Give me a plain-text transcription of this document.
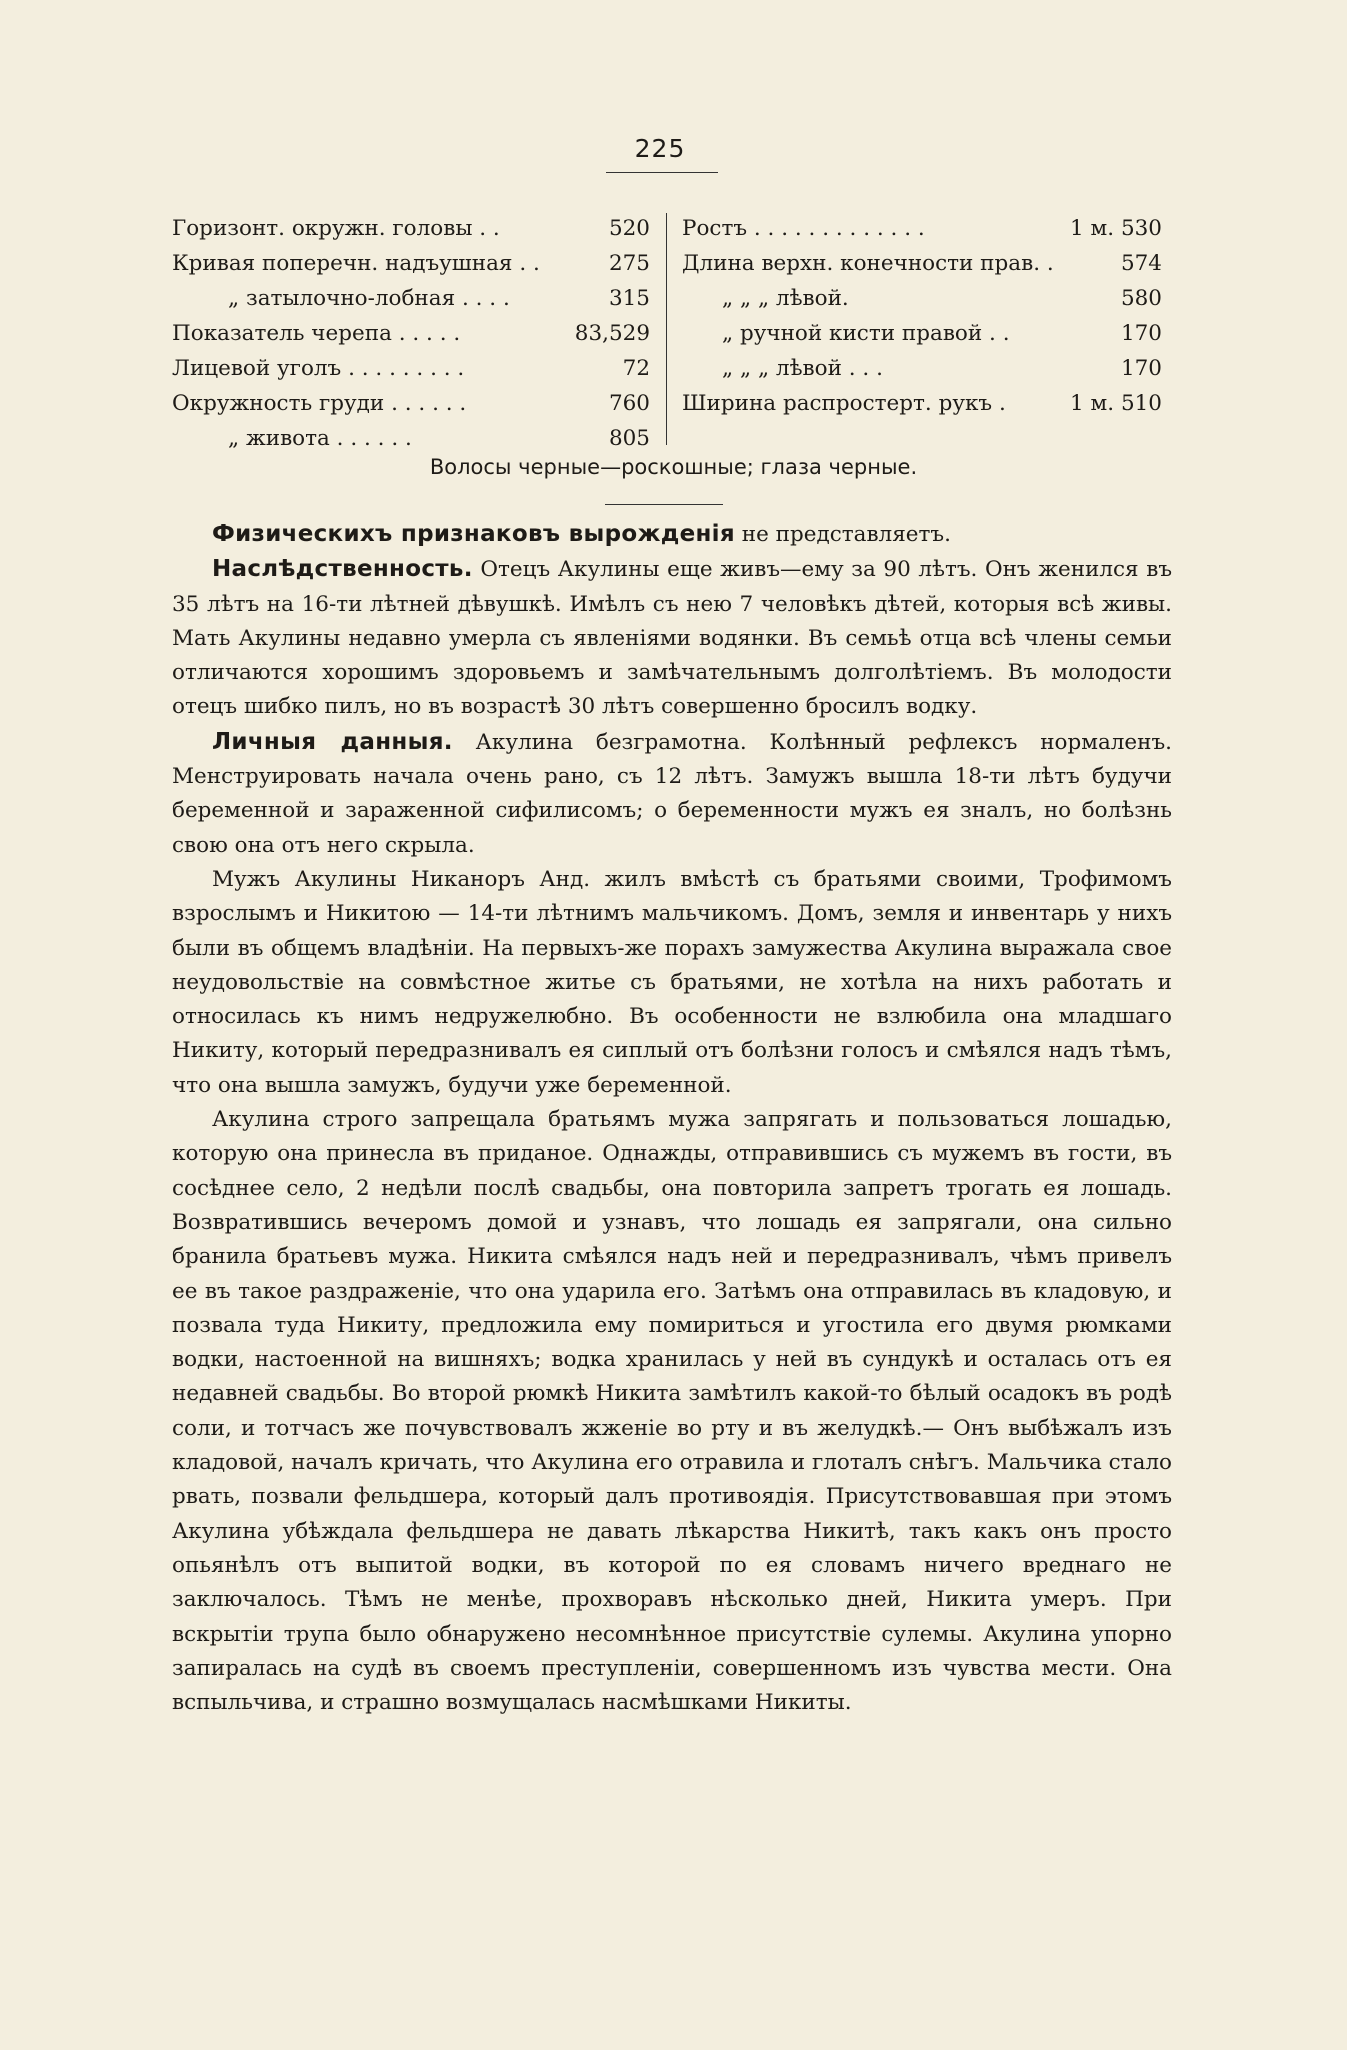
225
Горизонт. окружн. головы . .	520
Кривая поперечн. надъушная . .	275
„ затылочно-лобная . . . .	315
Показатель черепа . . . . .	83,529
Лицевой уголъ . . . . . . . . .	72
Окружность груди . . . . . .	760
„ живота . . . . . .	805
Ростъ . . . . . . . . . . . . .	1 м. 530
Длина верхн. конечности прав. .	574
„ „ „ лѣвой.	580
„ ручной кисти правой . .	170
„ „ „ лѣвой . . .	170
Ширина распростерт. рукъ .	1 м. 510
Волосы черные—роскошные; глаза черные.

Физическихъ признаковъ вырожденія не представляетъ.

Наслѣдственность. Отецъ Акулины еще живъ—ему за 90 лѣтъ. Онъ женился въ 35 лѣтъ на 16-ти лѣтней дѣвушкѣ. Имѣлъ съ нею 7 человѣкъ дѣтей, которыя всѣ живы. Мать Акулины недавно умерла съ явленіями водянки. Въ семьѣ отца всѣ члены семьи отличаются хорошимъ здоровьемъ и замѣчательнымъ долголѣтіемъ. Въ молодости отецъ шибко пилъ, но въ возрастѣ 30 лѣтъ совершенно бросилъ водку.

Личныя данныя. Акулина безграмотна. Колѣнный рефлексъ нормаленъ. Менструировать начала очень рано, съ 12 лѣтъ. Замужъ вышла 18-ти лѣтъ будучи беременной и зараженной сифилисомъ; о беременности мужъ ея зналъ, но болѣзнь свою она отъ него скрыла.

Мужъ Акулины Никаноръ Анд. жилъ вмѣстѣ съ братьями своими, Трофимомъ взрослымъ и Никитою — 14-ти лѣтнимъ мальчикомъ. Домъ, земля и инвентарь у нихъ были въ общемъ владѣніи. На первыхъ-же порахъ замужества Акулина выражала свое неудовольствіе на совмѣстное житье съ братьями, не хотѣла на нихъ работать и относилась къ нимъ недружелюбно. Въ особенности не взлюбила она младшаго Никиту, который передразнивалъ ея сиплый отъ болѣзни голосъ и смѣялся надъ тѣмъ, что она вышла замужъ, будучи уже беременной.

Акулина строго запрещала братьямъ мужа запрягать и пользоваться лошадью, которую она принесла въ приданое. Однажды, отправившись съ мужемъ въ гости, въ сосѣднее село, 2 недѣли послѣ свадьбы, она повторила запретъ трогать ея лошадь. Возвратившись вечеромъ домой и узнавъ, что лошадь ея запрягали, она сильно бранила братьевъ мужа. Никита смѣялся надъ ней и передразнивалъ, чѣмъ привелъ ее въ такое раздраженіе, что она ударила его. Затѣмъ она отправилась въ кладовую, и позвала туда Никиту, предложила ему помириться и угостила его двумя рюмками водки, настоенной на вишняхъ; водка хранилась у ней въ сундукѣ и осталась отъ ея недавней свадьбы. Во второй рюмкѣ Никита замѣтилъ какой-то бѣлый осадокъ въ родѣ соли, и тотчасъ же почувствовалъ жженіе во рту и въ желудкѣ.— Онъ выбѣжалъ изъ кладовой, началъ кричать, что Акулина его отравила и глоталъ снѣгъ. Мальчика стало рвать, позвали фельдшера, который далъ противоядія. Присутствовавшая при этомъ Акулина убѣждала фельдшера не давать лѣкарства Никитѣ, такъ какъ онъ просто опьянѣлъ отъ выпитой водки, въ которой по ея словамъ ничего вреднаго не заключалось. Тѣмъ не менѣе, прохворавъ нѣсколько дней, Никита умеръ. При вскрытіи трупа было обнаружено несомнѣнное присутствіе сулемы. Акулина упорно запиралась на судѣ въ своемъ преступленіи, совершенномъ изъ чувства мести. Она вспыльчива, и страшно возмущалась насмѣшками Никиты.
